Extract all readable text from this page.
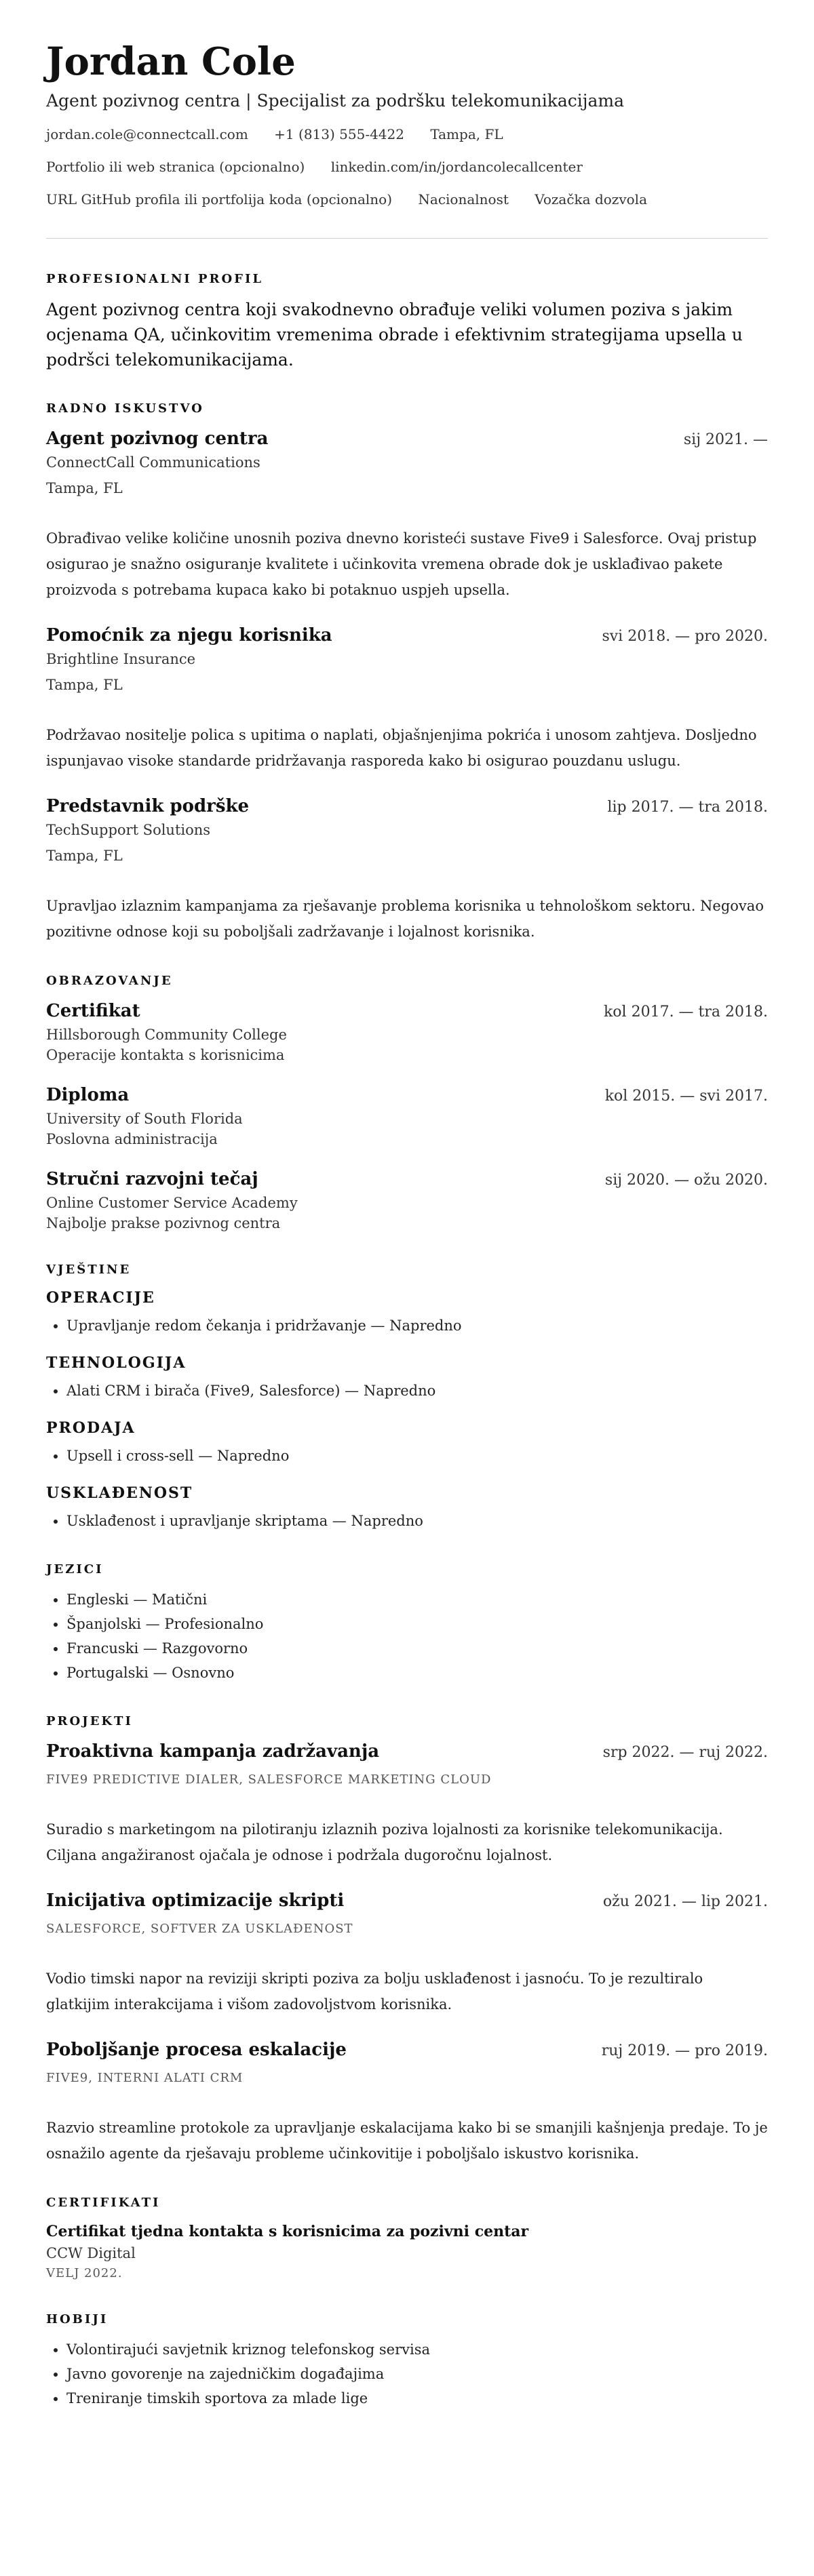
Jordan Cole
Agent pozivnog centra | Specijalist za podršku telekomunikacijama
jordan.cole@connectcall.com +1 (813) 555-4422 Tampa, FL
Portfolio ili web stranica (opcionalno) linkedin.com/in/jordancolecallcenter
URL GitHub profila ili portfolija koda (opcionalno) Nacionalnost Vozačka dozvola
PROFESIONALNI PROFIL
Agent pozivnog centra koji svakodnevno obrađuje veliki volumen poziva s jakim ocjenama QA, učinkovitim vremenima obrade i efektivnim strategijama upsella u podršci telekomunikacijama.
RADNO ISKUSTVO
Agent pozivnog centra	sij 2021. —
ConnectCall Communications
Tampa, FL
Obrađivao velike količine unosnih poziva dnevno koristeći sustave Five9 i Salesforce. Ovaj pristup osigurao je snažno osiguranje kvalitete i učinkovita vremena obrade dok je usklađivao pakete proizvoda s potrebama kupaca kako bi potaknuo uspjeh upsella.
Pomoćnik za njegu korisnika	svi 2018. — pro 2020.
Brightline Insurance
Tampa, FL
Podržavao nositelje polica s upitima o naplati, objašnjenjima pokrića i unosom zahtjeva. Dosljedno ispunjavao visoke standarde pridržavanja rasporeda kako bi osigurao pouzdanu uslugu.
Predstavnik podrške	lip 2017. — tra 2018.
TechSupport Solutions
Tampa, FL
Upravljao izlaznim kampanjama za rješavanje problema korisnika u tehnološkom sektoru. Negovao pozitivne odnose koji su poboljšali zadržavanje i lojalnost korisnika.
OBRAZOVANJE
Certifikat	kol 2017. — tra 2018.
Hillsborough Community College
Operacije kontakta s korisnicima
Diploma	kol 2015. — svi 2017.
University of South Florida
Poslovna administracija
Stručni razvojni tečaj	sij 2020. — ožu 2020.
Online Customer Service Academy
Najbolje prakse pozivnog centra
VJEŠTINE
OPERACIJE
• Upravljanje redom čekanja i pridržavanje — Napredno
TEHNOLOGIJA
• Alati CRM i birača (Five9, Salesforce) — Napredno
PRODAJA
• Upsell i cross-sell — Napredno
USKLAĐENOST
• Usklađenost i upravljanje skriptama — Napredno
JEZICI
• Engleski — Matični
• Španjolski — Profesionalno
• Francuski — Razgovorno
• Portugalski — Osnovno
PROJEKTI
Proaktivna kampanja zadržavanja	srp 2022. — ruj 2022.
FIVE9 PREDICTIVE DIALER, SALESFORCE MARKETING CLOUD
Suradio s marketingom na pilotiranju izlaznih poziva lojalnosti za korisnike telekomunikacija. Ciljana angažiranost ojačala je odnose i podržala dugoročnu lojalnost.
Inicijativa optimizacije skripti	ožu 2021. — lip 2021.
SALESFORCE, SOFTVER ZA USKLAĐENOST
Vodio timski napor na reviziji skripti poziva za bolju usklađenost i jasnoću. To je rezultiralo glatkijim interakcijama i višom zadovoljstvom korisnika.
Poboljšanje procesa eskalacije	ruj 2019. — pro 2019.
FIVE9, INTERNI ALATI CRM
Razvio streamline protokole za upravljanje eskalacijama kako bi se smanjili kašnjenja predaje. To je osnažilo agente da rješavaju probleme učinkovitije i poboljšalo iskustvo korisnika.
CERTIFIKATI
Certifikat tjedna kontakta s korisnicima za pozivni centar
CCW Digital
VELJ 2022.
HOBIJI
• Volontirajući savjetnik kriznog telefonskog servisa
• Javno govorenje na zajedničkim događajima
• Treniranje timskih sportova za mlade lige
